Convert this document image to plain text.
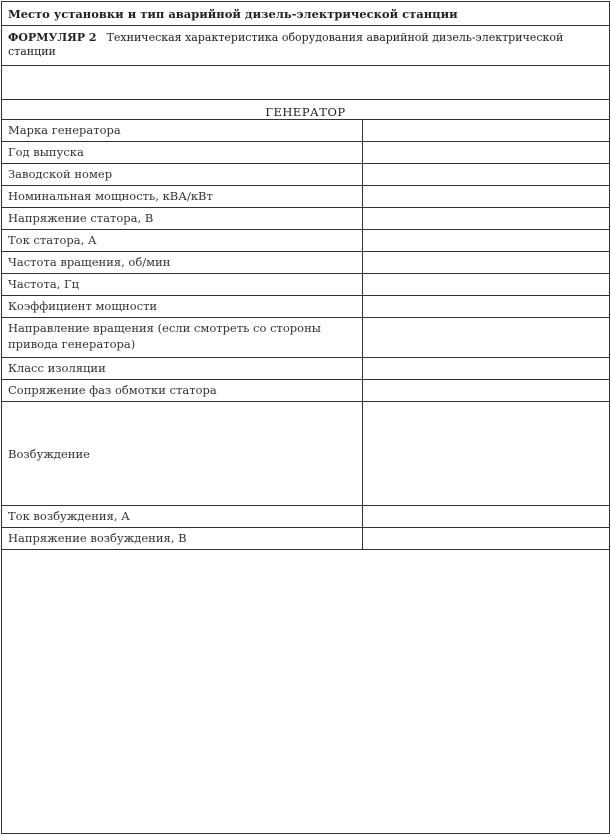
Место установки и тип аварийной дизель-электрической станции
ФОРМУЛЯР 2 Техническая характеристика оборудования аварийной дизель-электрической станции
ГЕНЕРАТОР
Марка генератора
Год выпуска
Заводской номер
Номинальная мощность, кВА/кВт
Напряжение статора, В
Ток статора, А
Частота вращения, об/мин
Частота, Гц
Коэффициент мощности
Направление вращения (если смотреть со стороны привода генератора)
Класс изоляции
Сопряжение фаз обмотки статора
Возбуждение
Ток возбуждения, А
Напряжение возбуждения, В
